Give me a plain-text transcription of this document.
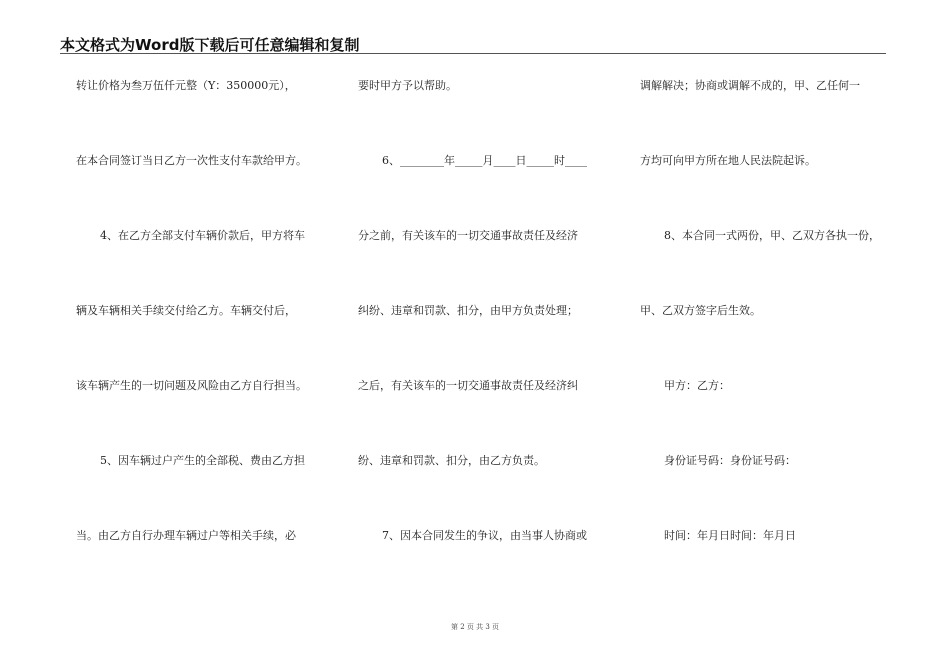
本文格式为Word版下载后可任意编辑和复制
转让价格为叁万伍仟元整（Y：350000元），
在本合同签订当日乙方一次性支付车款给甲方。
4、在乙方全部支付车辆价款后，甲方将车
辆及车辆相关手续交付给乙方。车辆交付后，
该车辆产生的一切问题及风险由乙方自行担当。
5、因车辆过户产生的全部税、费由乙方担
当。由乙方自行办理车辆过户等相关手续，必
要时甲方予以帮助。
6、________年_____月____日_____时____
分之前，有关该车的一切交通事故责任及经济
纠纷、违章和罚款、扣分，由甲方负责处理；
之后，有关该车的一切交通事故责任及经济纠
纷、违章和罚款、扣分，由乙方负责。
7、因本合同发生的争议，由当事人协商或
调解解决；协商或调解不成的，甲、乙任何一
方均可向甲方所在地人民法院起诉。
8、本合同一式两份，甲、乙双方各执一份，
甲、乙双方签字后生效。
甲方：乙方：
身份证号码：身份证号码：
时间：年月日时间：年月日
第 2 页 共 3 页
